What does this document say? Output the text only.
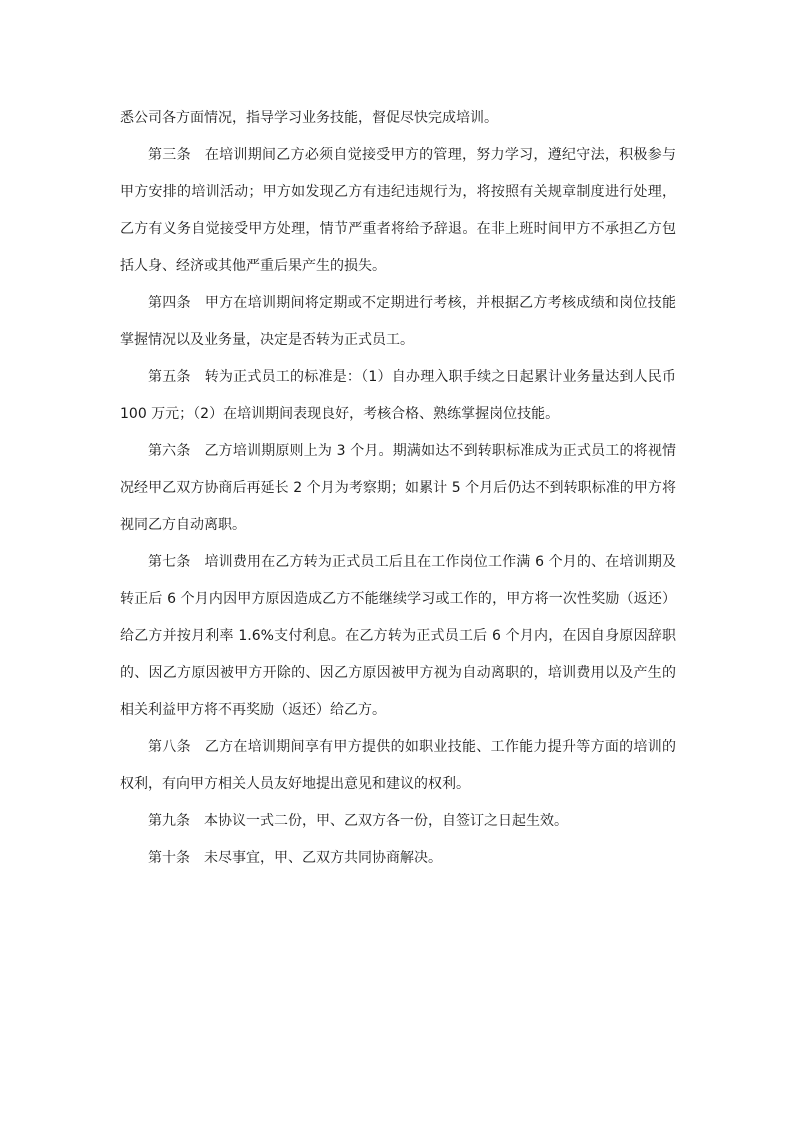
悉公司各方面情况，指导学习业务技能，督促尽快完成培训。

第三条 在培训期间乙方必须自觉接受甲方的管理，努力学习，遵纪守法，积极参与甲方安排的培训活动；甲方如发现乙方有违纪违规行为，将按照有关规章制度进行处理，乙方有义务自觉接受甲方处理，情节严重者将给予辞退。在非上班时间甲方不承担乙方包括人身、经济或其他严重后果产生的损失。

第四条 甲方在培训期间将定期或不定期进行考核，并根据乙方考核成绩和岗位技能掌握情况以及业务量，决定是否转为正式员工。

第五条 转为正式员工的标准是：（1）自办理入职手续之日起累计业务量达到人民币 100 万元；（2）在培训期间表现良好，考核合格、熟练掌握岗位技能。

第六条 乙方培训期原则上为 3 个月。期满如达不到转职标准成为正式员工的将视情况经甲乙双方协商后再延长 2 个月为考察期；如累计 5 个月后仍达不到转职标准的甲方将视同乙方自动离职。

第七条 培训费用在乙方转为正式员工后且在工作岗位工作满 6 个月的、在培训期及转正后 6 个月内因甲方原因造成乙方不能继续学习或工作的，甲方将一次性奖励（返还）给乙方并按月利率 1.6%支付利息。在乙方转为正式员工后 6 个月内，在因自身原因辞职的、因乙方原因被甲方开除的、因乙方原因被甲方视为自动离职的，培训费用以及产生的相关利益甲方将不再奖励（返还）给乙方。

第八条 乙方在培训期间享有甲方提供的如职业技能、工作能力提升等方面的培训的权利，有向甲方相关人员友好地提出意见和建议的权利。

第九条 本协议一式二份，甲、乙双方各一份，自签订之日起生效。

第十条 未尽事宜，甲、乙双方共同协商解决。
